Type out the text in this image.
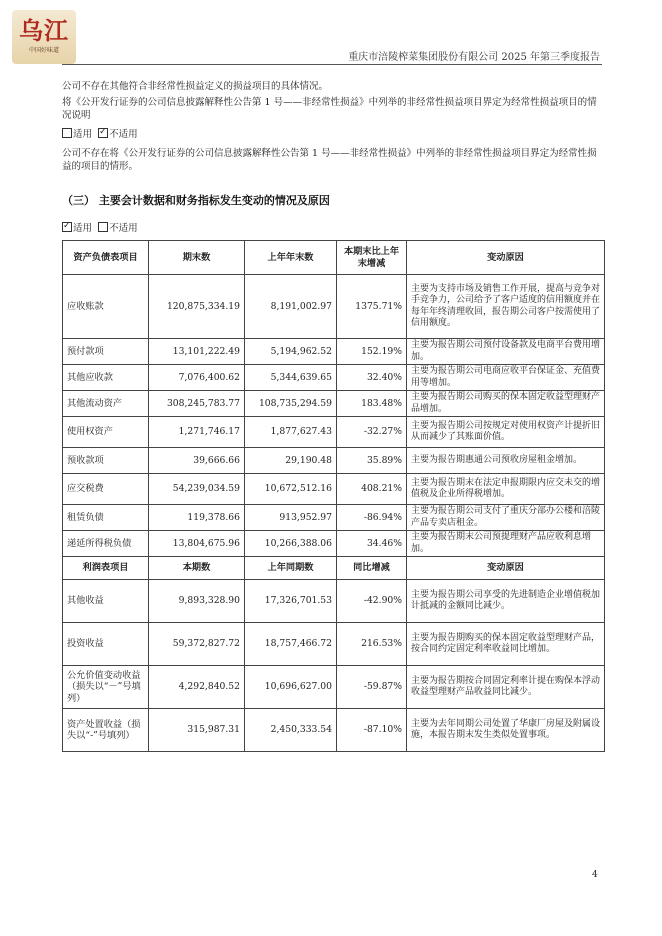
乌江
中国好味道
重庆市涪陵榨菜集团股份有限公司 2025 年第三季度报告

公司不存在其他符合非经常性损益定义的损益项目的具体情况。

将《公开发行证券的公司信息披露解释性公告第 1 号——非经常性损益》中列举的非经常性损益项目界定为经常性损益项目的情况说明

适用 ✓ 不适用

公司不存在将《公开发行证券的公司信息披露解释性公告第 1 号——非经常性损益》中列举的非经常性损益项目界定为经常性损益的项目的情形。

（三） 主要会计数据和财务指标发生变动的情况及原因
✓适用 不适用
资产负债表项目	期末数	上年年末数	本期末比上年末增减	变动原因
应收账款	120,875,334.19	8,191,002.97	1375.71%	主要为支持市场及销售工作开展，提高与竞争对手竞争力，公司给予了客户适度的信用额度并在每年年终清理收回，报告期公司客户按需使用了信用额度。
预付款项	13,101,222.49	5,194,962.52	152.19%	主要为报告期公司预付设备款及电商平台费用增加。
其他应收款	7,076,400.62	5,344,639.65	32.40%	主要为报告期公司电商应收平台保证金、充值费用等增加。
其他流动资产	308,245,783.77	108,735,294.59	183.48%	主要为报告期公司购买的保本固定收益型理财产品增加。
使用权资产	1,271,746.17	1,877,627.43	-32.27%	主要为报告期公司按规定对使用权资产计提折旧从而减少了其账面价值。
预收款项	39,666.66	29,190.48	35.89%	主要为报告期惠通公司预收房屋租金增加。
应交税费	54,239,034.59	10,672,512.16	408.21%	主要为报告期末在法定申报期限内应交未交的增值税及企业所得税增加。
租赁负债	119,378.66	913,952.97	-86.94%	主要为报告期公司支付了重庆分部办公楼和涪陵产品专卖店租金。
递延所得税负债	13,804,675.96	10,266,388.06	34.46%	主要为报告期末公司预提理财产品应收利息增加。
利润表项目	本期数	上年同期数	同比增减	变动原因
其他收益	9,893,328.90	17,326,701.53	-42.90%	主要为报告期公司享受的先进制造企业增值税加计抵减的金额同比减少。
投资收益	59,372,827.72	18,757,466.72	216.53%	主要为报告期购买的保本固定收益型理财产品，按合同约定固定利率收益同比增加。
公允价值变动收益（损失以“－”号填列）	4,292,840.52	10,696,627.00	-59.87%	主要为报告期按合同固定利率计提在购保本浮动收益型理财产品收益同比减少。
资产处置收益（损失以“-”号填列）	315,987.31	2,450,333.54	-87.10%	主要为去年同期公司处置了华康厂房屋及附属设施，本报告期末发生类似处置事项。
4
